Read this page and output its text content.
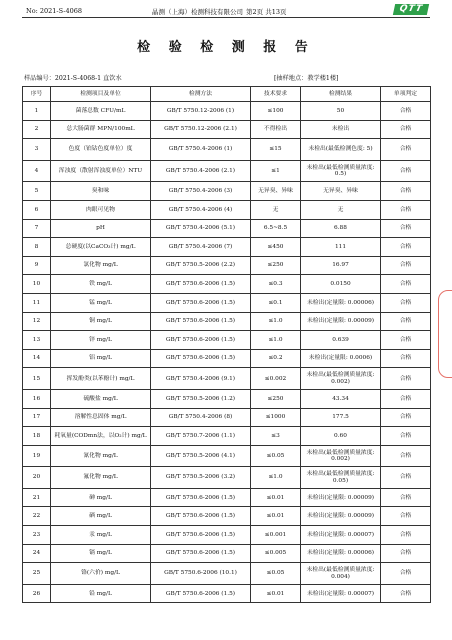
No: 2021-S-4068	晶测（上海）检测科技有限公司 第2页 共13页	QTT
检 验 检 测 报 告
样品编号：2021-S-4068-1 直饮水	[抽样地点：教学楼1楼]
序号	检测项目及单位	检测方法	技术要求	检测结果	单项判定
1	菌落总数 CFU/mL	GB/T 5750.12-2006 (1)	≤100	50	合格
2	总大肠菌群 MPN/100mL	GB/T 5750.12-2006 (2.1)	不得检出	未检出	合格
3	色度（铂钴色度单位）度	GB/T 5750.4-2006 (1)	≤15	未检出(最低检测色度: 5)	合格
4	浑浊度（散射浑浊度单位）NTU	GB/T 5750.4-2006 (2.1)	≤1	未检出(最低检测质量浓度: 0.5)	合格
5	臭和味	GB/T 5750.4-2006 (3)	无异臭、异味	无异臭、异味	合格
6	肉眼可见物	GB/T 5750.4-2006 (4)	无	无	合格
7	pH	GB/T 5750.4-2006 (5.1)	6.5~8.5	6.88	合格
8	总硬度(以CaCO₃计) mg/L	GB/T 5750.4-2006 (7)	≤450	111	合格
9	氯化物 mg/L	GB/T 5750.5-2006 (2.2)	≤250	16.97	合格
10	铁 mg/L	GB/T 5750.6-2006 (1.5)	≤0.3	0.0150	合格
11	锰 mg/L	GB/T 5750.6-2006 (1.5)	≤0.1	未检出(定量限: 0.00006)	合格
12	铜 mg/L	GB/T 5750.6-2006 (1.5)	≤1.0	未检出(定量限: 0.00009)	合格
13	锌 mg/L	GB/T 5750.6-2006 (1.5)	≤1.0	0.639	合格
14	铝 mg/L	GB/T 5750.6-2006 (1.5)	≤0.2	未检出(定量限: 0.0006)	合格
15	挥发酚类(以苯酚计) mg/L	GB/T 5750.4-2006 (9.1)	≤0.002	未检出(最低检测质量浓度: 0.002)	合格
16	硫酸盐 mg/L	GB/T 5750.5-2006 (1.2)	≤250	43.34	合格
17	溶解性总固体 mg/L	GB/T 5750.4-2006 (8)	≤1000	177.5	合格
18	耗氧量(CODmn法，以O₂计) mg/L	GB/T 5750.7-2006 (1.1)	≤3	0.60	合格
19	氰化物 mg/L	GB/T 5750.5-2006 (4.1)	≤0.05	未检出(最低检测质量浓度: 0.002)	合格
20	氟化物 mg/L	GB/T 5750.5-2006 (3.2)	≤1.0	未检出(最低检测质量浓度: 0.05)	合格
21	砷 mg/L	GB/T 5750.6-2006 (1.5)	≤0.01	未检出(定量限: 0.00009)	合格
22	硒 mg/L	GB/T 5750.6-2006 (1.5)	≤0.01	未检出(定量限: 0.00009)	合格
23	汞 mg/L	GB/T 5750.6-2006 (1.5)	≤0.001	未检出(定量限: 0.00007)	合格
24	镉 mg/L	GB/T 5750.6-2006 (1.5)	≤0.005	未检出(定量限: 0.00006)	合格
25	铬(六价) mg/L	GB/T 5750.6-2006 (10.1)	≤0.05	未检出(最低检测质量浓度: 0.004)	合格
26	铅 mg/L	GB/T 5750.6-2006 (1.5)	≤0.01	未检出(定量限: 0.00007)	合格
